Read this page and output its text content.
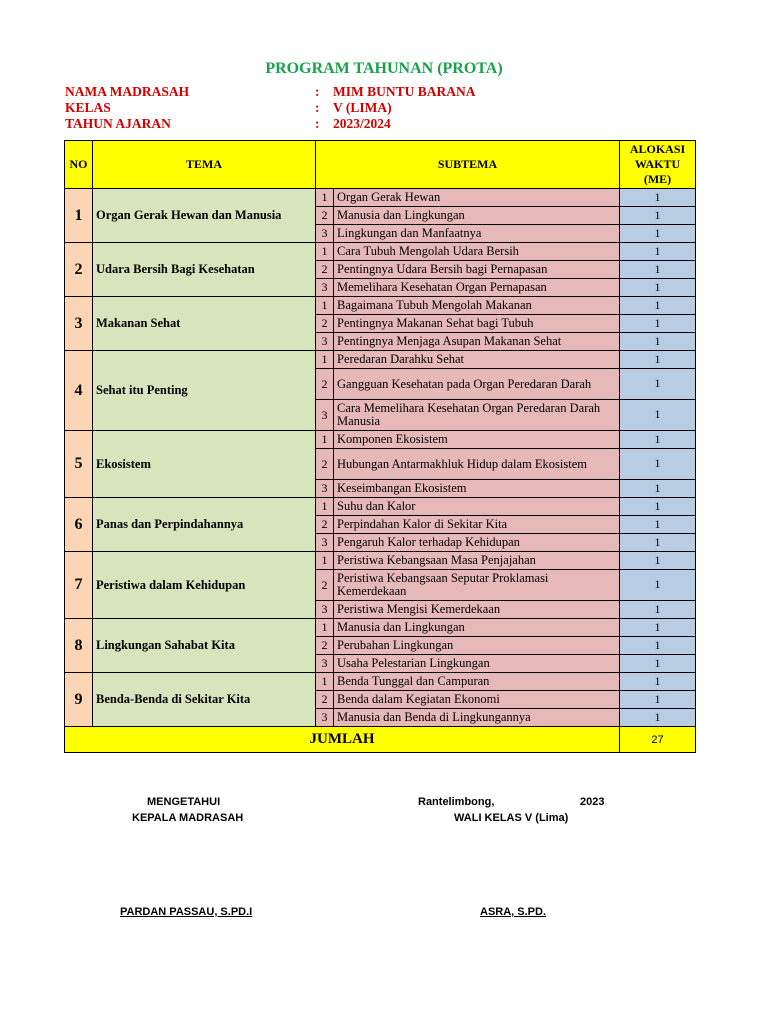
PROGRAM TAHUNAN (PROTA)
NAMA MADRASAH	:	MIM BUNTU BARANA
KELAS	:	V (LIMA)
TAHUN AJARAN	:	2023/2024
NO	TEMA	SUBTEMA		ALOKASI WAKTU (ME)
1	Organ Gerak Hewan dan Manusia	1	Organ Gerak Hewan	1
		2	Manusia dan Lingkungan	1
		3	Lingkungan dan Manfaatnya	1
2	Udara Bersih Bagi Kesehatan	1	Cara Tubuh Mengolah Udara Bersih	1
		2	Pentingnya Udara Bersih bagi Pernapasan	1
		3	Memelihara Kesehatan Organ Pernapasan	1
3	Makanan Sehat	1	Bagaimana Tubuh Mengolah Makanan	1
		2	Pentingnya Makanan Sehat bagi Tubuh	1
		3	Pentingnya Menjaga Asupan Makanan Sehat	1
4	Sehat itu Penting	1	Peredaran Darahku Sehat	1
		2	Gangguan Kesehatan pada Organ Peredaran Darah	1
		3	Cara Memelihara Kesehatan Organ Peredaran Darah Manusia	1
5	Ekosistem	1	Komponen Ekosistem	1
		2	Hubungan Antarmakhluk Hidup dalam Ekosistem	1
		3	Keseimbangan Ekosistem	1
6	Panas dan Perpindahannya	1	Suhu dan Kalor	1
		2	Perpindahan Kalor di Sekitar Kita	1
		3	Pengaruh Kalor terhadap Kehidupan	1
7	Peristiwa dalam Kehidupan	1	Peristiwa Kebangsaan Masa Penjajahan	1
		2	Peristiwa Kebangsaan Seputar Proklamasi Kemerdekaan	1
		3	Peristiwa Mengisi Kemerdekaan	1
8	Lingkungan Sahabat Kita	1	Manusia dan Lingkungan	1
		2	Perubahan Lingkungan	1
		3	Usaha Pelestarian Lingkungan	1
9	Benda-Benda di Sekitar Kita	1	Benda Tunggal dan Campuran	1
		2	Benda dalam Kegiatan Ekonomi	1
		3	Manusia dan Benda di Lingkungannya	1
JUMLAH				27
MENGETAHUI
KEPALA MADRASAH
Rantelimbong,	2023
WALI KELAS V (Lima)
PARDAN PASSAU, S.PD.I	ASRA, S.PD.
